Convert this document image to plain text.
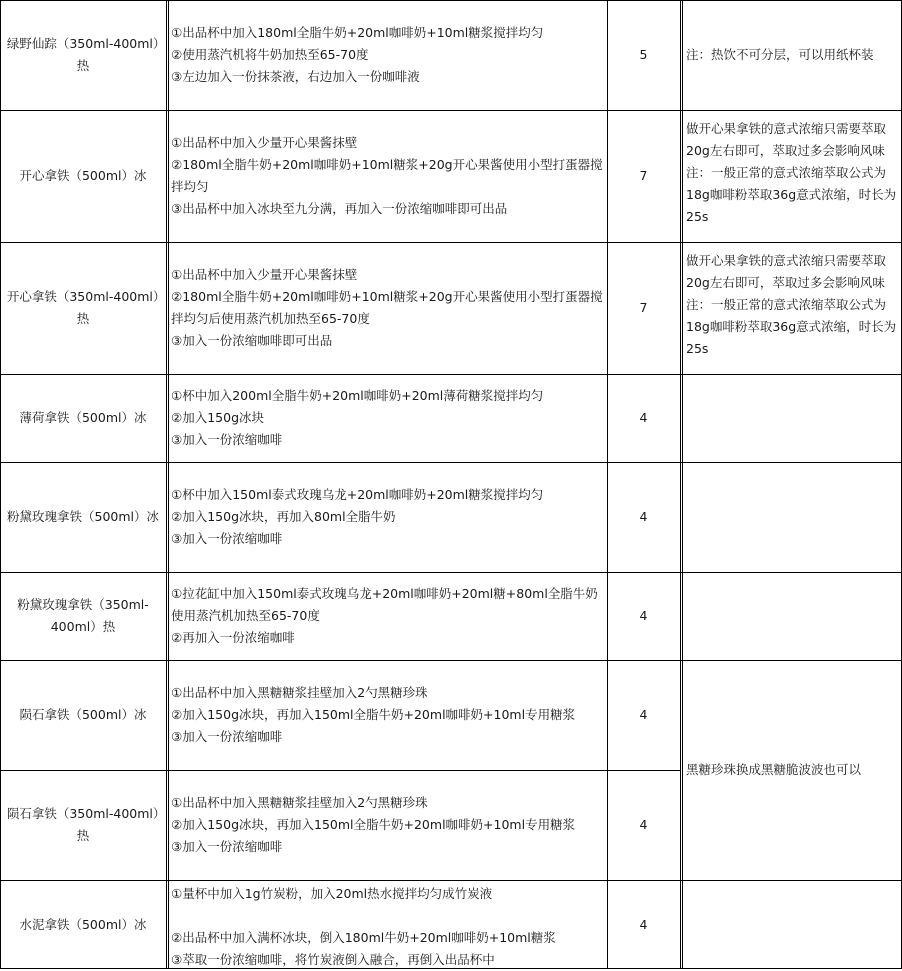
绿野仙踪（350ml-400ml）热
①出品杯中加入180ml全脂牛奶+20ml咖啡奶+10ml糖浆搅拌均匀
②使用蒸汽机将牛奶加热至65-70度
③左边加入一份抹茶液，右边加入一份咖啡液
5	注：热饮不可分层，可以用纸杯装
开心拿铁（500ml）冰
①出品杯中加入少量开心果酱抹壁
②180ml全脂牛奶+20ml咖啡奶+10ml糖浆+20g开心果酱使用小型打蛋器搅拌均匀
③出品杯中加入冰块至九分满，再加入一份浓缩咖啡即可出品
7
做开心果拿铁的意式浓缩只需要萃取20g左右即可，萃取过多会影响风味注：一般正常的意式浓缩萃取公式为18g咖啡粉萃取36g意式浓缩，时长为25s
开心拿铁（350ml-400ml）热
①出品杯中加入少量开心果酱抹壁
②180ml全脂牛奶+20ml咖啡奶+10ml糖浆+20g开心果酱使用小型打蛋器搅拌均匀后使用蒸汽机加热至65-70度
③加入一份浓缩咖啡即可出品
7
做开心果拿铁的意式浓缩只需要萃取20g左右即可，萃取过多会影响风味注：一般正常的意式浓缩萃取公式为18g咖啡粉萃取36g意式浓缩，时长为25s
薄荷拿铁（500ml）冰
①杯中加入200ml全脂牛奶+20ml咖啡奶+20ml薄荷糖浆搅拌均匀
②加入150g冰块
③加入一份浓缩咖啡
4
粉黛玫瑰拿铁（500ml）冰
①杯中加入150ml泰式玫瑰乌龙+20ml咖啡奶+20ml糖浆搅拌均匀
②加入150g冰块，再加入80ml全脂牛奶
③加入一份浓缩咖啡
4
粉黛玫瑰拿铁（350ml-400ml）热
①拉花缸中加入150ml泰式玫瑰乌龙+20ml咖啡奶+20ml糖+80ml全脂牛奶使用蒸汽机加热至65-70度
②再加入一份浓缩咖啡
4
陨石拿铁（500ml）冰
①出品杯中加入黑糖糖浆挂壁加入2勺黑糖珍珠
②加入150g冰块，再加入150ml全脂牛奶+20ml咖啡奶+10ml专用糖浆
③加入一份浓缩咖啡
4
陨石拿铁（350ml-400ml）热
①出品杯中加入黑糖糖浆挂壁加入2勺黑糖珍珠
②加入150g冰块，再加入150ml全脂牛奶+20ml咖啡奶+10ml专用糖浆
③加入一份浓缩咖啡
4
水泥拿铁（500ml）冰
①量杯中加入1g竹炭粉，加入20ml热水搅拌均匀成竹炭液

②出品杯中加入满杯冰块，倒入180ml牛奶+20ml咖啡奶+10ml糖浆
③萃取一份浓缩咖啡，将竹炭液倒入融合，再倒入出品杯中
4
黑糖珍珠换成黑糖脆波波也可以
